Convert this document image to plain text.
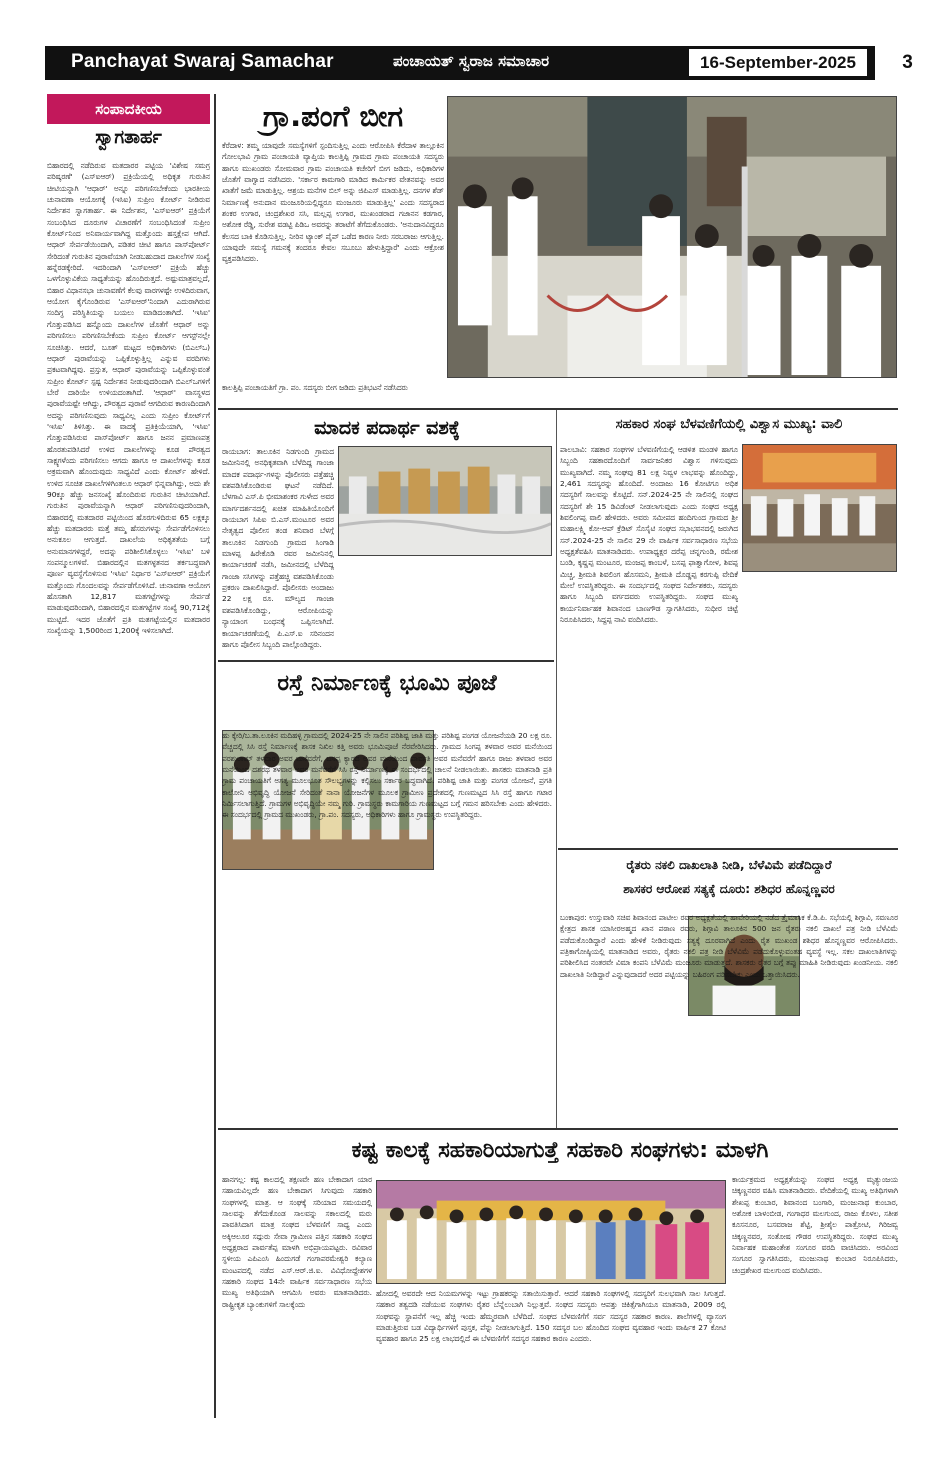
Panchayat Swaraj Samachar	ಪಂಚಾಯತ್ ಸ್ವರಾಜ ಸಮಾಚಾರ	16-September-2025	3
ಸಂಪಾದಕೀಯ
ಸ್ವಾಗತಾರ್ಹ
ಬಿಹಾರದಲ್ಲಿ ನಡೆದಿರುವ ಮತದಾರರ ಪಟ್ಟಿಯ 'ವಿಶೇಷ ಸಮಗ್ರ ಪರಿಷ್ಕರಣೆ' (ಎಸ್‌ಐಆರ್) ಪ್ರಕ್ರಿಯೆಯಲ್ಲಿ ಅಧಿಕೃತ ಗುರುತಿನ ಚೀಟಿಯನ್ನಾಗಿ 'ಆಧಾರ್' ಅನ್ನೂ ಪರಿಗಣಿಸಬೇಕೆಂದು ಭಾರತೀಯ ಚುನಾವಣಾ ಆಯೋಗಕ್ಕೆ (ಇಸಿಐ) ಸುಪ್ರೀಂ ಕೋರ್ಟ್ ನೀಡಿರುವ ನಿರ್ದೇಶನ ಸ್ವಾಗತಾರ್ಹ. ಈ ನಿರ್ದೇಶನ, 'ಎಸ್‌ಐಆರ್' ಪ್ರಕ್ರಿಯೆಗೆ ಸಂಬಂಧಿಸಿದ ದೂರುಗಳ ವಿಚಾರಣೆಗೆ ಸಂಬಂಧಿಸಿದಂತೆ ಸುಪ್ರೀಂ ಕೋರ್ಟ್‌ನಿಂದ ಅನಿವಾರ್ಯವಾಗಿದ್ದ ಮತ್ತೊಂದು ಹಸ್ತಕ್ಷೇಪ ಆಗಿದೆ. ಆಧಾರ್ ಸೇರ್ಪಡೆಯಿಂದಾಗಿ, ಪಡಿತರ ಚೀಟಿ ಹಾಗೂ ಪಾಸ್‌ಪೋರ್ಟ್ ಸೇರಿದಂತೆ ಗುರುತಿನ ಪುರಾವೆಯಾಗಿ ನೀಡಬಹುದಾದ ದಾಖಲೆಗಳ ಸಂಖ್ಯೆ ಹನ್ನೆರಡಕ್ಕೇರಿದೆ. ಇದರಿಂದಾಗಿ 'ಎಸ್‌ಐಆರ್' ಪ್ರಕ್ರಿಯೆ ಹೆಚ್ಚು ಒಳಗೊಳ್ಳುವಿಕೆಯ ಸಾಧ್ಯತೆಯನ್ನು ಹೊಂದಿರುತ್ತದೆ. ಅಷ್ಟುಮಾತ್ರವಲ್ಲದೆ, ಬಿಹಾರ ವಿಧಾನಸಭಾ ಚುನಾವಣೆಗೆ ಕೆಲವು ವಾರಗಳಷ್ಟೇ ಉಳಿದಿರುವಾಗ, ಆಯೋಗ ಕೈಗೊಂಡಿರುವ 'ಎಸ್‌ಐಆರ್'ನಿಂದಾಗಿ ಎದುರಾಗಿರುವ ಸಂದಿಗ್ಧ ಪರಿಸ್ಥಿತಿಯನ್ನು ಬಯಲು ಮಾಡಿದಂತಾಗಿದೆ. 'ಇಸಿಐ' ಗೊತ್ತುಪಡಿಸಿದ ಹನ್ನೊಂದು ದಾಖಲೆಗಳ ಜೊತೆಗೆ ಆಧಾರ್ ಅನ್ನು ಪರಿಗಣಿಸಲು ಪರಿಗಣಿಸಬೇಕೆಂದು ಸುಪ್ರೀಂ ಕೋರ್ಟ್ ಆಗಸ್ಟ್‌ನಲ್ಲೇ ಸೂಚಿಸಿತ್ತು. ಆದರೆ, ಬೂತ್ ಮಟ್ಟದ ಅಧಿಕಾರಿಗಳು (ಬಿಎಲ್‌ಒ) ಆಧಾರ್ ಪುರಾವೆಯನ್ನು ಒಪ್ಪಿಕೊಳ್ಳುತ್ತಿಲ್ಲ ಎನ್ನುವ ವರದಿಗಳು ಪ್ರಕಟವಾಗಿದ್ದವು. ಪ್ರಸ್ತುತ, ಆಧಾರ್ ಪುರಾವೆಯನ್ನು ಒಪ್ಪಿಕೊಳ್ಳುವಂತೆ ಸುಪ್ರೀಂ ಕೋರ್ಟ್ ಸ್ಪಷ್ಟ ನಿರ್ದೇಶನ ನೀಡುವುದರಿಂದಾಗಿ ಬಿಎಲ್‌ಒಗಳಿಗೆ ಬೇರೆ ದಾರಿಯೇ ಉಳಿಯದಂತಾಗಿದೆ. 'ಆಧಾರ್' ವಾಸಸ್ಥಳದ ಪುರಾವೆಯಷ್ಟೇ ಆಗಿದ್ದು, ಪೌರತ್ವದ ಪುರಾವೆ ಆಗದಿರುವ ಕಾರಣದಿಂದಾಗಿ ಅದನ್ನು ಪರಿಗಣಿಸುವುದು ಸಾಧ್ಯವಿಲ್ಲ ಎಂದು ಸುಪ್ರೀಂ ಕೋರ್ಟ್‌ಗೆ 'ಇಸಿಐ' ತಿಳಿಸಿತ್ತು. ಈ ವಾದಕ್ಕೆ ಪ್ರತಿಕ್ರಿಯೆಯಾಗಿ, 'ಇಸಿಐ' ಗೊತ್ತುಪಡಿಸಿರುವ ಪಾಸ್‌ಪೋರ್ಟ್ ಹಾಗೂ ಜನನ ಪ್ರಮಾಣಪತ್ರ ಹೊರತುಪಡಿಸಿದರೆ ಉಳಿದ ದಾಖಲೆಗಳನ್ನು ಕೂಡ ಪೌರತ್ವದ ಸಾಕ್ಷ್ಯಗಳೆಂದು ಪರಿಗಣಿಸಲು ಆಗದು ಹಾಗೂ ಆ ದಾಖಲೆಗಳನ್ನು ಕೂಡ ಅಕ್ರಮವಾಗಿ ಹೊಂದುವುದು ಸಾಧ್ಯವಿದೆ ಎಂದು ಕೋರ್ಟ್ ಹೇಳಿದೆ. ಉಳಿದ ಸೂಚಿತ ದಾಖಲೆಗಳಿಗಿಂತಲೂ ಆಧಾರ್ ಭಿನ್ನವಾಗಿದ್ದು, ಅದು ಶೇ 90ಕ್ಕೂ ಹೆಚ್ಚು ಜನಸಂಖ್ಯೆ ಹೊಂದಿರುವ ಗುರುತಿನ ಚೀಟಿಯಾಗಿದೆ. ಗುರುತಿನ ಪುರಾವೆಯನ್ನಾಗಿ ಆಧಾರ್ ಪರಿಗಣಿಸುವುದರಿಂದಾಗಿ, ಬಿಹಾರದಲ್ಲಿ ಮತದಾರರ ಪಟ್ಟಿಯಿಂದ ಹೊರಗುಳಿದಿರುವ 65 ಲಕ್ಷಕ್ಕೂ ಹೆಚ್ಚು ಮತದಾರರು ಮತ್ತೆ ತಮ್ಮ ಹೆಸರುಗಳನ್ನು ಸೇರ್ಪಡೆಗೊಳಿಸಲು ಅನುಕೂಲ ಆಗುತ್ತದೆ. ದಾಖಲೆಯ ಅಧಿಕೃತತೆಯ ಬಗ್ಗೆ ಅನುಮಾನಗಳಿದ್ದರೆ, ಅದನ್ನು ಪರಿಶೀಲಿಸಿಕೊಳ್ಳಲು 'ಇಸಿಐ' ಬಳಿ ಸಂಪನ್ಮೂಲಗಳಿವೆ. ಬಿಹಾರದಲ್ಲಿನ ಮತಗಳ್ಳತನದ ತರ್ಕಬದ್ಧವಾಗಿ ಪೂರ್ಣ ವ್ಯವಸ್ಥೆಗೊಳಿಸುವ 'ಇಸಿಐ' ನಿರ್ಧಾರ 'ಎಸ್‌ಐಆರ್' ಪ್ರಕ್ರಿಯೆಗೆ ಮತ್ತೊಂದು ಗೊಂದಲವನ್ನು ಸೇರ್ಪಡೆಗೊಳಿಸಿದೆ. ಚುನಾವಣಾ ಆಯೋಗ ಹೊಸತಾಗಿ 12,817 ಮತಗಟ್ಟೆಗಳನ್ನು ಸೇರ್ಪಡೆ ಮಾಡುವುದರಿಂದಾಗಿ, ಬಿಹಾರದಲ್ಲಿನ ಮತಗಟ್ಟೆಗಳ ಸಂಖ್ಯೆ 90,712ಕ್ಕೆ ಮುಟ್ಟಿದೆ. ಇದರ ಜೊತೆಗೆ ಪ್ರತಿ ಮತಗಟ್ಟೆಯಲ್ಲಿನ ಮತದಾರರ ಸಂಖ್ಯೆಯನ್ನು 1,500ರಿಂದ 1,200ಕ್ಕೆ ಇಳಿಸಲಾಗಿದೆ.
ಗ್ರಾ.ಪಂಗೆ ಬೀಗ
ಕೆರೆದಾಳ: ತಮ್ಮ ಯಾವುದೇ ಸಮಸ್ಯೆಗಳಿಗೆ ಸ್ಪಂದಿಸುತ್ತಿಲ್ಲ ಎಂದು ಆರೋಪಿಸಿ ಕೆರೆದಾಳ ತಾಲ್ಲೂಕಿನ ಗೋಲಭಾವಿ ಗ್ರಾಮ ಪಂಚಾಯತಿ ವ್ಯಾಪ್ತಿಯ ಕಾಲತ್ತಿಪ್ಪಿ ಗ್ರಾಮದ ಗ್ರಾಮ ಪಂಚಾಯತಿ ಸದಸ್ಯರು ಹಾಗೂ ಮುಖಂಡರು ಸೋಮವಾರ ಗ್ರಾಮ ಪಂಚಾಯತಿ ಕಚೇರಿಗೆ ಬೀಗ ಜಡಿದು, ಅಧಿಕಾರಿಗಳ ಜೊತೆಗೆ ವಾಗ್ವಾದ ನಡೆಸಿದರು. 'ಸರ್ಕಾರ ಕಾಮಗಾರಿ ಮಾಡಿದ ಕಾರ್ಮಿಕರ ವೇತನವನ್ನು ಅವರ ಖಾತೆಗೆ ಜಮೆ ಮಾಡುತ್ತಿಲ್ಲ. ಆಶ್ರಯ ಮನೆಗಳ ಬಿಲ್ ಅನ್ನು ಜಿಪಿಎಸ್ ಮಾಡುತ್ತಿಲ್ಲ. ದನಗಳ ಶೆಡ್ ನಿರ್ಮಾಣಕ್ಕೆ ಅನುದಾನ ಮಂಜೂರಿಯಲ್ಲಿದ್ದರೂ ಮಂಜೂರು ಮಾಡುತ್ತಿಲ್ಲ' ಎಂದು ಸದಸ್ಯರಾದ ಶಂಕರ ಉಗಾರ, ಚಂದ್ರಶೇಖರ ಸಸಿ, ಮಲ್ಲಪ್ಪ ಉಗಾರ, ಮುಖಂಡರಾದ ಗಜಾನನ ಕಡಗಾರ, ಅಶೋಕ ರೆಡ್ಡಿ, ಸುರೇಶ ವಡಟ್ಟಿ ಪಿಡಿಒ ಅವರನ್ನು ತರಾಟೆಗೆ ತೆಗೆದುಕೊಂಡರು. 'ಅನುದಾನವಿದ್ದರೂ ಕೆಲಸದ ಬಾಕಿ ಕೊಡಿಸುತ್ತಿಲ್ಲ. ನೀರಿನ ಟ್ಯಾಂಕ್ ಪೈಪ್ ಒಡೆದ ಕಾರಣ ನೀರು ಸರಬರಾಜು ಆಗುತ್ತಿಲ್ಲ. ಯಾವುದೇ ಸಮಸ್ಯೆ ಗಮನಕ್ಕೆ ತಂದರೂ ಕೇವಲ ಸಬೂಬು ಹೇಳುತ್ತಿದ್ದಾರೆ' ಎಂದು ಆಕ್ರೋಶ ವ್ಯಕ್ತಪಡಿಸಿದರು.
ಕಾಲತ್ತಿಪ್ಪಿ ಪಂಚಾಯತಿಗೆ ಗ್ರಾ. ಪಂ. ಸದಸ್ಯರು ಬೀಗ ಜಡಿದು ಪ್ರತಿಭಟನೆ ನಡೆಸಿದರು
ಮಾದಕ ಪದಾರ್ಥ ವಶಕ್ಕೆ
ರಾಯಬಾಗ: ತಾಲೂಕಿನ ನಿಡಗುಂದಿ ಗ್ರಾಮದ ಜಮೀನಿನಲ್ಲಿ ಅನಧಿಕೃತವಾಗಿ ಬೆಳೆದಿದ್ದ ಗಾಂಜಾ ಮಾದಕ ಪದಾರ್ಥ-ಗಳನ್ನು ಪೊಲೀಸರು ಪತ್ತೆಹಚ್ಚಿ ವಶಪಡಿಸಿಕೊಂಡಿರುವ ಘಟನೆ ನಡೆದಿದೆ. ಬೆಳಗಾವಿ ಎಸ್.ಪಿ ಭೀಮಾಶಂಕರ ಗುಳೇದ ಅವರ ಮಾರ್ಗದರ್ಶನದಲ್ಲಿ ಖಚಿತ ಮಾಹಿತಿಯೊಂದಿಗೆ ರಾಯಬಾಗ ಸಿಪಿಐ ಬಿ.ಎಸ್.ಮಂಟೂರ ಅವರ ನೇತೃತ್ವದ ಪೊಲೀಸ ತಂಡ ಶನಿವಾರ ಬೆಳಗ್ಗೆ ತಾಲೂಕಿನ ನಿಡಗುಂದಿ ಗ್ರಾಮದ ಸಿಂಗಾಡಿ ಮಾಳಪ್ಪ ಹಿರೇಕೊಡಿ ರವರ ಜಮೀನಿನಲ್ಲಿ ಕಾರ್ಯಾಚರಣೆ ನಡೆಸಿ, ಜಮೀನದಲ್ಲಿ ಬೆಳೆದಿದ್ದ ಗಾಂಜಾ ಸಸಿಗಳನ್ನು ಪತ್ತೆಹಚ್ಚಿ ವಶಪಡಿಸಿಕೊಂಡು ಪ್ರಕರಣ ದಾಖಲಿಸಿದ್ದಾರೆ. ಪೊಲೀಸರು ಅಂದಾಜು 22 ಲಕ್ಷ ರೂ. ಮೌಲ್ಯದ ಗಾಂಜಾ ವಶಪಡಿಸಿಕೊಂಡಿದ್ದು, ಆರೋಪಿಯನ್ನು ನ್ಯಾಯಾಂಗ ಬಂಧನಕ್ಕೆ ಒಪ್ಪಿಸಲಾಗಿದೆ. ಕಾರ್ಯಾಚರಣೆಯಲ್ಲಿ ಪಿ.ಎಸ್.ಐ ಸರಿನಂದನ ಹಾಗೂ ಪೊಲೀಸ ಸಿಬ್ಬಂದಿ ಪಾಲ್ಗೊಂಡಿದ್ದರು.
ರಸ್ತೆ ನಿರ್ಮಾಣಕ್ಕೆ ಭೂಮಿ ಪೂಜೆ
ಹು ಕ್ಕೇರಿ/ಬ.ತಾ.ಲೂಕಿನ ಮದಿಹಳ್ಳಿ ಗ್ರಾಮದಲ್ಲಿ 2024-25 ನೇ ಸಾಲಿನ ಪರಿಶಿಷ್ಟ ಜಾತಿ ಮತ್ತು ಪರಿಶಿಷ್ಟ ಪಂಗಡ ಯೋಜನೆಯಡಿ 20 ಲಕ್ಷ ರೂ. ವೆಚ್ಚದಲ್ಲಿ ಸಿಸಿ ರಸ್ತೆ ನಿರ್ಮಾಣಕ್ಕೆ ಶಾಸಕ ನಿಖಿಲ ಕತ್ತಿ ಅವರು ಭೂಮಿಪೂಜೆ ನೆರವೇರಿಸಿದರು. ಗ್ರಾಮದ ಸಿಂಗಪ್ಪ ತಳವಾರ ಅವರ ಮನೆಯಿಂದ ಪರಶುರಾಮ್ ತಳವಾರ ಅವರ ಮನೆವರೆಗೆ, ಬಸಪ್ಪ ಕ್ಯಾರದ ಅವರ ಮನೆಯಿಂದ ಪಾರ್ವತಿ ಅವರ ಮನೆವರೆಗೆ ಹಾಗೂ ರಾಜು ತಳವಾರ ಅವರ ಮನೆಯಿಂದ ದಶರಥ ತಳವಾರ ಅವರ ಮನೆವರೆಗೆ ಸಿಸಿ ರಸ್ತೆ ನಿರ್ಮಾಣಕ್ಕೆ ಈ ಸಂದರ್ಭದಲ್ಲಿ ಚಾಲನೆ ನೀಡಲಾಯಿತು. ಶಾಸಕರು ಮಾತನಾಡಿ ಪ್ರತಿ ಗ್ರಾಮ ಪಂಚಾಯತಿಗೆ ಅಗತ್ಯ ಮೂಲಭೂತ ಸೌಲಭ್ಯಗಳನ್ನು ಕಲ್ಪಿಸಲು ಸರ್ಕಾರ ಬದ್ಧವಾಗಿದೆ. ಪರಿಶಿಷ್ಟ ಜಾತಿ ಮತ್ತು ಪಂಗಡ ಯೋಜನೆ, ಪ್ರಗತಿ ಕಾಲೋನಿ ಅಭಿವೃದ್ಧಿ ಯೋಜನೆ ಸೇರಿದಂತೆ ನಾನಾ ಯೋಜನೆಗಳ ಮೂಲಕ ಗ್ರಾಮೀಣ ಪ್ರದೇಶದಲ್ಲಿ ಗುಣಮಟ್ಟದ ಸಿಸಿ ರಸ್ತೆ ಹಾಗೂ ಗಟಾರ ನಿರ್ಮಿಸಲಾಗುತ್ತಿದೆ. ಗ್ರಾಮಗಳ ಅಭಿವೃದ್ಧಿಯೇ ನಮ್ಮ ಗುರಿ. ಗ್ರಾಮಸ್ಥರು ಕಾಮಗಾರಿಯ ಗುಣಮಟ್ಟದ ಬಗ್ಗೆ ಗಮನ ಹರಿಸಬೇಕು ಎಂದು ಹೇಳಿದರು. ಈ ಸಂದರ್ಭದಲ್ಲಿ ಗ್ರಾಮದ ಮುಖಂಡರು, ಗ್ರಾ.ಪಂ. ಸದಸ್ಯರು, ಅಧಿಕಾರಿಗಳು ಹಾಗೂ ಗ್ರಾಮಸ್ಥರು ಉಪಸ್ಥಿತರಿದ್ದರು.
ಸಹಕಾರ ಸಂಘ ಬೆಳವಣಿಗೆಯಲ್ಲಿ ವಿಶ್ವಾಸ ಮುಖ್ಯ: ವಾಲಿ
ಪಾಲಬಾವಿ: ಸಹಕಾರ ಸಂಘಗಳ ಬೆಳವಣಿಗೆಯಲ್ಲಿ ಆಡಳಿತ ಮಂಡಳಿ ಹಾಗೂ ಸಿಬ್ಬಂದಿ ಸಹಕಾರದೊಂದಿಗೆ ಸಾರ್ವಜನಿಕರ ವಿಶ್ವಾಸ ಗಳಿಸುವುದು ಮುಖ್ಯವಾಗಿದೆ. ನಮ್ಮ ಸಂಘವು 81 ಲಕ್ಷ ನಿವ್ವಳ ಲಾಭವನ್ನು ಹೊಂದಿದ್ದು, 2,461 ಸದಸ್ಯರನ್ನು ಹೊಂದಿದೆ. ಅಂದಾಜು 16 ಕೋಟಿಗೂ ಅಧಿಕ ಸದಸ್ಯರಿಗೆ ಸಾಲವನ್ನು ಕೊಟ್ಟಿದೆ. ಸನ್.2024-25 ನೇ ಸಾಲಿನಲ್ಲಿ ಸಂಘದ ಸದಸ್ಯರಿಗೆ ಶೇ 15 ಡಿವಿಡೆಂಟ್ ನೀಡಲಾಗುವುದು ಎಂದು ಸಂಘದ ಅಧ್ಯಕ್ಷ ಶಿವಲಿಂಗಪ್ಪ ವಾಲಿ ಹೇಳಿದರು. ಅವರು ಸಮೀಪದ ಹಂದಿಗುಂದ ಗ್ರಾಮದ ಶ್ರೀ ಮಹಾಲಕ್ಷ್ಮಿ ಕೋ-ಆಪ್ ಕ್ರೆಡಿಟ್ ಸೊಸೈಟಿ ಸಂಘದ ಸಭಾಭವನದಲ್ಲಿ ಜರುಗಿದ ಸನ್.2024-25 ನೇ ಸಾಲಿನ 29 ನೇ ವಾರ್ಷಿಕ ಸರ್ವಸಾಧಾರಣ ಸಭೆಯ ಅಧ್ಯಕ್ಷತೆವಹಿಸಿ ಮಾತನಾಡಿದರು. ಉಪಾಧ್ಯಕ್ಷರ ದರೆಪ್ಪ ಚನ್ನಗುಂಡಿ, ರಮೇಶ ಬಂಡಿ, ಕೃಷ್ಣಪ್ಪ ಮಂಟೂರ, ಮಂಜಪ್ಪ ಕಾಂಬಳೆ, ಬಸಪ್ಪ ಫಾತ್ವಾಗೋಳ, ಶಿವಪ್ಪ ಮಿಚ್ಚ, ಶ್ರೀಮತಿ ಶಿವಲಿಂಗ ಹೊಸಮನಿ, ಶ್ರೀಮತಿ ದೊಡ್ಡಪ್ಪ ಕರಗುಪ್ಪಿ ವೇದಿಕೆ ಮೇಲೆ ಉಪಸ್ಥಿತರಿದ್ದರು. ಈ ಸಂದರ್ಭದಲ್ಲಿ ಸಂಘದ ನಿರ್ದೇಶಕರು, ಸದಸ್ಯರು ಹಾಗೂ ಸಿಬ್ಬಂದಿ ವರ್ಗದವರು ಉಪಸ್ಥಿತರಿದ್ದರು. ಸಂಘದ ಮುಖ್ಯ ಕಾರ್ಯನಿರ್ವಾಹಕ ಶಿವಾನಂದ ಬಾಣಗೌಡ ಸ್ವಾಗತಿಸಿದರು, ಸುಧೀರ ಚಿಟ್ಟೆ ನಿರೂಪಿಸಿದರು, ಸಿದ್ದಪ್ಪ ನಾವಿ ವಂದಿಸಿದರು.
ರೈತರು ನಕಲಿ ದಾಖಲಾತಿ ನೀಡಿ, ಬೆಳೆವಿಮೆ ಪಡೆದಿದ್ದಾರೆ
ಶಾಸಕರ ಆರೋಪ ಸತ್ಯಕ್ಕೆ ದೂರು: ಶಶಿಧರ ಹೊನ್ನಣ್ಣವರ
ಬಂಕಾಪುರ: ಉಸ್ತುವಾರಿ ಸಚಿವ ಶಿವಾನಂದ ಪಾಟೀಲ ರವರ ಅಧ್ಯಕ್ಷತೆಯಲ್ಲಿ ಹಾವೇರಿಯಲ್ಲಿ ನಡೆದ ತ್ರೈಮಾಸಿಕ ಕೆ.ಡಿ.ಪಿ. ಸಭೆಯಲ್ಲಿ ಶಿಗ್ಗಾವಿ, ಸವಣೂರ ಕ್ಷೇತ್ರದ ಶಾಸಕ ಯಾಸೀರಅಹ್ಮದ ಖಾನ ಪಠಾಣ ರವರು, ಶಿಗ್ಗಾವಿ ತಾಲೂಕಿನ 500 ಜನ ರೈತರು ನಕಲಿ ದಾಖಲೆ ಪತ್ರ ನೀಡಿ ಬೆಳೆವಿಮೆ ಪಡೆದುಕೊಂಡಿದ್ದಾರೆ ಎಂದು ಹೇಳಿಕೆ ನೀಡಿರುವುದು ಸತ್ಯಕ್ಕೆ ದೂರವಾಗಿದೆ ಎಂದು ರೈತ ಮುಖಂಡ ಶಶಿಧರ ಹೊನ್ನಣ್ಣವರ ಆರೋಪಿಸಿದರು. ಪತ್ರಿಕಾಗೋಷ್ಠಿಯಲ್ಲಿ ಮಾತನಾಡಿದ ಅವರು, ರೈತರು ನಕಲಿ ಪತ್ರ ನೀಡಿ ಬೆಳೆವಿಮೆ ಪಡೆದುಕೊಳ್ಳುವಂತಹ ವ್ಯವಸ್ಥೆ ಇಲ್ಲ. ಸಕಲ ದಾಖಲಾತಿಗಳನ್ನು ಪರಿಶೀಲಿಸಿದ ನಂತರವೇ ವಿಮಾ ಕಂಪನಿ ಬೆಳೆವಿಮೆ ಮಂಜೂರು ಮಾಡುತ್ತದೆ. ಶಾಸಕರು ರೈತರ ಬಗ್ಗೆ ತಪ್ಪು ಮಾಹಿತಿ ನೀಡಿರುವುದು ಖಂಡನೀಯ. ನಕಲಿ ದಾಖಲಾತಿ ನೀಡಿದ್ದಾರೆ ಎನ್ನುವುದಾದರೆ ಅದರ ಪಟ್ಟಿಯನ್ನು ಬಹಿರಂಗ ಪಡಿಸಬೇಕು ಎಂದು ಒತ್ತಾಯಿಸಿದರು.
ಕಷ್ಟ ಕಾಲಕ್ಕೆ ಸಹಕಾರಿಯಾಗುತ್ತೆ ಸಹಕಾರಿ ಸಂಘಗಳು: ಮಾಳಗಿ
ಹಾನಗಲ್ಲ: ಕಷ್ಟ ಕಾಲದಲ್ಲಿ ತಕ್ಷಣವೇ ಹಣ ಬೇಕಾದಾಗ ಯಾರ ಸಹಾಯವಿಲ್ಲದೇ ಹಣ ಬೇಕಾದಾಗ ಸಿಗುವುದು ಸಹಕಾರಿ ಸಂಘಗಳಲ್ಲಿ ಮಾತ್ರ. ಆ ಸಂಘಕ್ಕೆ ಸರಿಯಾದ ಸಮಯದಲ್ಲಿ ಸಾಲವನ್ನು ತೆಗೆದುಕೊಂಡ ಸಾಲವನ್ನು ಸಕಾಲದಲ್ಲಿ ಮರು ಪಾವತಿಸಿದಾಗ ಮಾತ್ರ ಸಂಘದ ಬೆಳವಣಿಗೆ ಸಾಧ್ಯ ಎಂದು ಅಕ್ಕಿಆಲೂರ ಸದ್ಗುರು ಸೇವಾ ಗ್ರಾಮೀಣ ಪತ್ತಿನ ಸಹಕಾರಿ ಸಂಘದ ಅಧ್ಯಕ್ಷರಾದ ಪಾರ್ವತೆಪ್ಪ ಮಾಳಗಿ ಅಭಿಪ್ರಾಯಪಟ್ಟರು. ರವಿವಾರ ಸ್ಥಳೀಯ ಎಪಿಎಂಸಿ ಹಿಂದುಗಡೆ ಗಂಗಾಪರಮೇಶ್ವರಿ ಕಲ್ಯಾಣ ಮಂಟಪದಲ್ಲಿ ನಡೆದ ಎಸ್.ಆರ್.ಜಿ.ಐ. ವಿವಿಧೋದ್ದೇಶಗಳ ಸಹಕಾರಿ ಸಂಘದ 14ನೇ ವಾರ್ಷಿಕ ಸರ್ವಸಾಧಾರಣ ಸಭೆಯ ಮುಖ್ಯ ಅತಿಥಿಯಾಗಿ ಆಗಮಿಸಿ ಅವರು ಮಾತನಾಡಿದರು. ರಾಷ್ಟ್ರೀಕೃತ ಬ್ಯಾಂಕುಗಳಿಗೆ ಸಾಲಕ್ಕೆಂದು
ಹೋದಲ್ಲಿ ಅವರದೇ ಆದ ನಿಯಮಗಳನ್ನು ಇಟ್ಟು ಗ್ರಾಹಕರನ್ನು ಸತಾಯಿಸುತ್ತಾರೆ. ಆದರೆ ಸಹಕಾರಿ ಸಂಘಗಳಲ್ಲಿ ಸದಸ್ಯರಿಗೆ ಸುಲಭವಾಗಿ ಸಾಲ ಸಿಗುತ್ತದೆ. ಸಹಕಾರ ತತ್ವದಡಿ ನಡೆಯುವ ಸಂಘಗಳು ರೈತರ ಬೆನ್ನೆಲುಬಾಗಿ ನಿಲ್ಲುತ್ತವೆ. ಸಂಘದ ಸದಸ್ಯರು ಆಪತ್ತು ಚಿಕಿತ್ಸೆಗಾಗಿಯೂ ಮಾತನಾಡಿ, 2009 ರಲ್ಲಿ ಸಂಘವನ್ನು ಸ್ಥಾಪನೆಗೆ ಇಲ್ಲ ಹೆಚ್ಚಿ ಇಂದು ಹೆಮ್ಮರವಾಗಿ ಬೆಳೆದಿದೆ. ಸಂಘದ ಬೆಳವಣಿಗೆಗೆ ಸರ್ವ ಸದಸ್ಯರ ಸಹಕಾರ ಕಾರಣ. ಶಾಲೆಗಳಲ್ಲಿ ವ್ಯಾಸಂಗ ಮಾಡುತ್ತಿರುವ ಬಡ ವಿದ್ಯಾರ್ಥಿಗಳಿಗೆ ಪುಸ್ತಕ, ಪೆನ್ನು ನೀಡಲಾಗುತ್ತಿದೆ. 150 ಸದಸ್ಯರ ಬಲ ಹೊಂದಿದ ಸಂಘದ ವ್ಯವಹಾರ ಇಂದು ವಾರ್ಷಿಕ 27 ಕೋಟಿ ವ್ಯವಹಾರ ಹಾಗೂ 25 ಲಕ್ಷ ಲಾಭದಲ್ಲಿದೆ ಈ ಬೆಳವಣಿಗೆಗೆ ಸದಸ್ಯರ ಸಹಕಾರ ಕಾರಣ ಎಂದರು.
ಕಾರ್ಯಕ್ರಮದ ಅಧ್ಯಕ್ಷತೆಯನ್ನು ಸಂಘದ ಅಧ್ಯಕ್ಷ ಮೃತ್ಯುಂಜಯ ಚಿಕ್ಕಣ್ಣನವರ ವಹಿಸಿ ಮಾತನಾಡಿದರು. ವೇದಿಕೆಯಲ್ಲಿ ಮುಖ್ಯ ಅತಿಥಿಗಳಾಗಿ ಶೇಖಪ್ಪ ಕುಂಬಾರ, ಶಿವಾನಂದ ಬಂಗಾರಿ, ಮಂಜುನಾಥ ಕುಂಬಾರ, ಅಶೋಕ ಬಾಳಂಬೀಡ, ಗಂಗಾಧರ ಮಲಗುಂದ, ರಾಜು ಕೊಳಲ, ಸತೀಶ ಕೂಸನೂರ, ಬಸವರಾಜ ಶೆಟ್ಟಿ, ಶ್ರೀಶೈಲ ಪಾತ್ರೋಟಿ, ಗಿರಿಜವ್ವ ಚಿಕ್ಕಣ್ಣನವರ, ಸಂತೋಷ ಗೌಡರ ಉಪಸ್ಥಿತರಿದ್ದರು. ಸಂಘದ ಮುಖ್ಯ ನಿರ್ವಾಹಕ ಮಹಾಂತೇಶ ಸಂಗೂರ ವರದಿ ವಾಚಿಸಿದರು. ಅರವಿಂದ ಸಂಗೂರ ಸ್ವಾಗತಿಸಿದರು, ಮಂಜುನಾಥ ಕುಂಬಾರ ನಿರೂಪಿಸಿದರು, ಚಂದ್ರಶೇಖರ ಮಲಗುಂದ ವಂದಿಸಿದರು.
